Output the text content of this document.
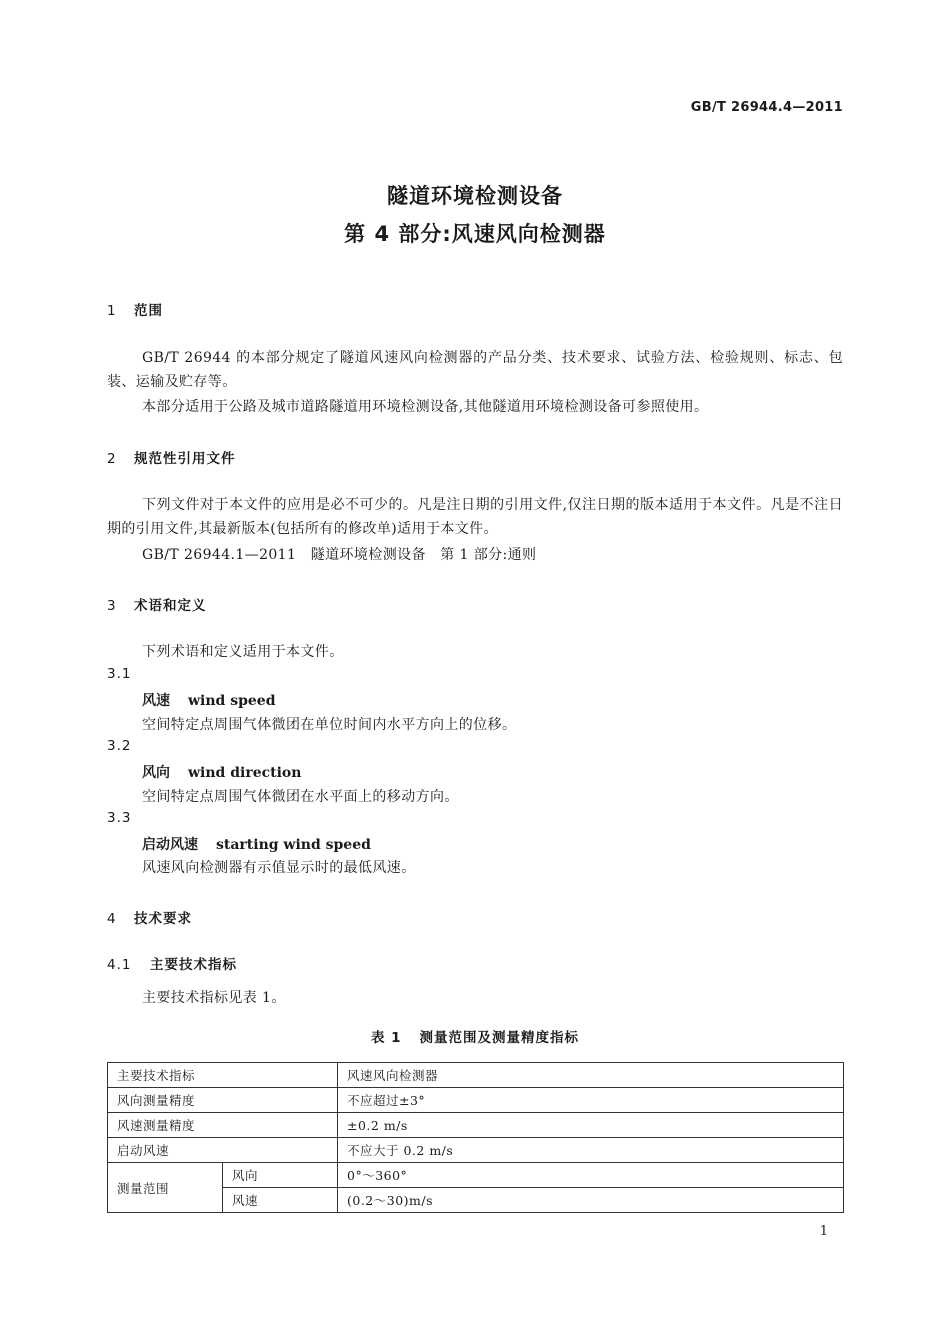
GB/T 26944.4—2011
隧道环境检测设备
第 4 部分:风速风向检测器
1 范围
GB/T 26944 的本部分规定了隧道风速风向检测器的产品分类、技术要求、试验方法、检验规则、标志、包装、运输及贮存等。
本部分适用于公路及城市道路隧道用环境检测设备,其他隧道用环境检测设备可参照使用。
2 规范性引用文件
下列文件对于本文件的应用是必不可少的。凡是注日期的引用文件,仅注日期的版本适用于本文件。凡是不注日期的引用文件,其最新版本(包括所有的修改单)适用于本文件。
GB/T 26944.1—2011　隧道环境检测设备　第 1 部分:通则
3 术语和定义
下列术语和定义适用于本文件。
3.1
风速 wind speed
空间特定点周围气体微团在单位时间内水平方向上的位移。
3.2
风向 wind direction
空间特定点周围气体微团在水平面上的移动方向。
3.3
启动风速 starting wind speed
风速风向检测器有示值显示时的最低风速。
4 技术要求
4.1 主要技术指标
主要技术指标见表 1。
表 1 测量范围及测量精度指标
主要技术指标		风速风向检测器
风向测量精度		不应超过±3°
风速测量精度		±0.2 m/s
启动风速		不应大于 0.2 m/s
测量范围	风向	0°～360°
	风速	(0.2～30)m/s
1
